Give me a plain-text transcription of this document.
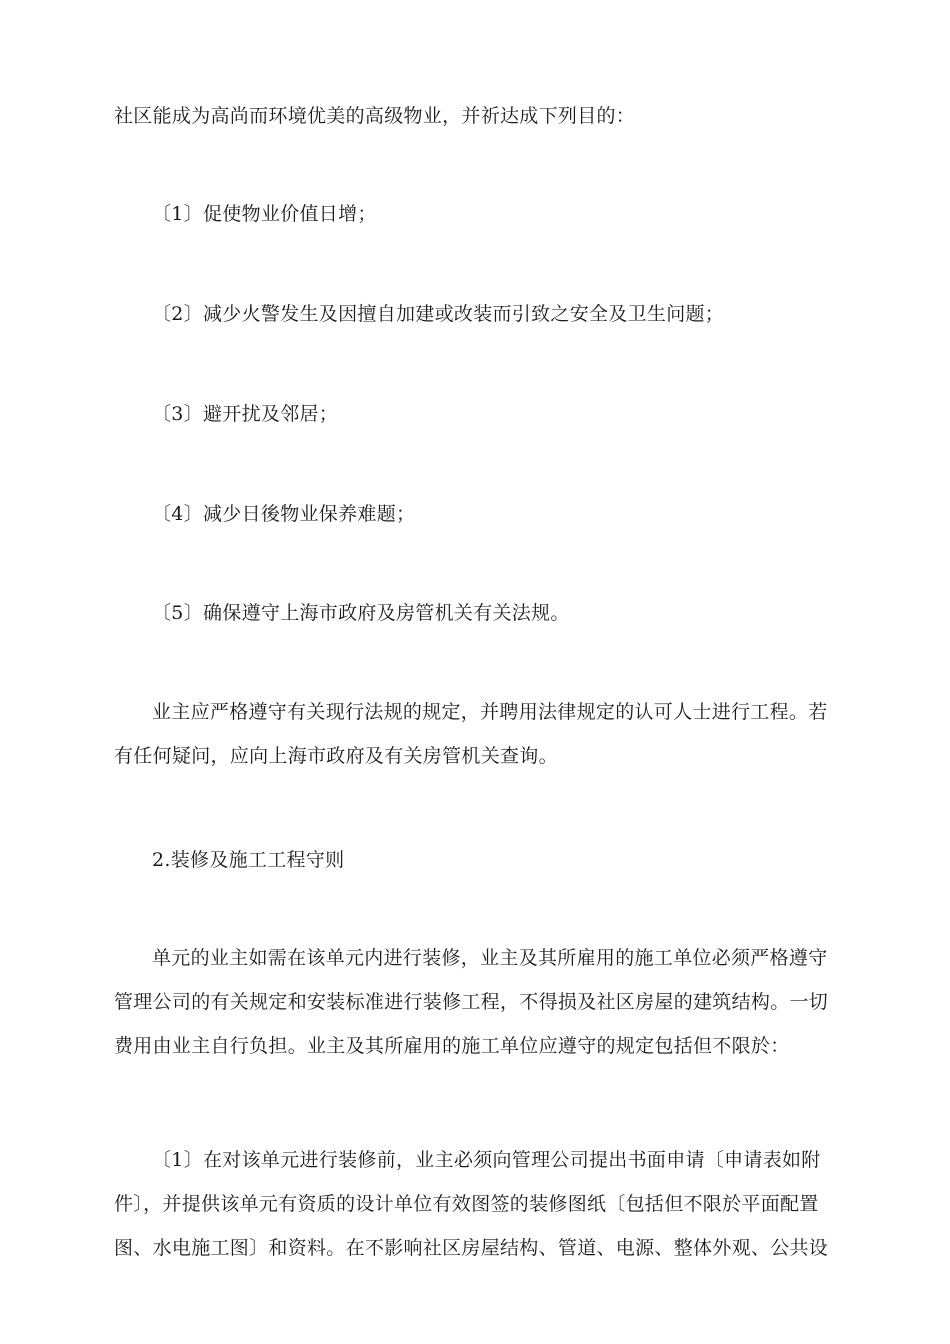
社区能成为高尚而环境优美的高级物业，并祈达成下列目的：

〔1〕促使物业价值日增；

〔2〕减少火警发生及因擅自加建或改装而引致之安全及卫生问题；

〔3〕避开扰及邻居；

〔4〕减少日後物业保养难题；

〔5〕确保遵守上海市政府及房管机关有关法规。

业主应严格遵守有关现行法规的规定，并聘用法律规定的认可人士进行工程。若有任何疑问，应向上海市政府及有关房管机关查询。

2.装修及施工工程守则

单元的业主如需在该单元内进行装修，业主及其所雇用的施工单位必须严格遵守管理公司的有关规定和安装标准进行装修工程，不得损及社区房屋的建筑结构。一切费用由业主自行负担。业主及其所雇用的施工单位应遵守的规定包括但不限於：

〔1〕在对该单元进行装修前，业主必须向管理公司提出书面申请〔申请表如附件〕，并提供该单元有资质的设计单位有效图签的装修图纸〔包括但不限於平面配置图、水电施工图〕和资料。在不影响社区房屋结构、管道、电源、整体外观、公共设
